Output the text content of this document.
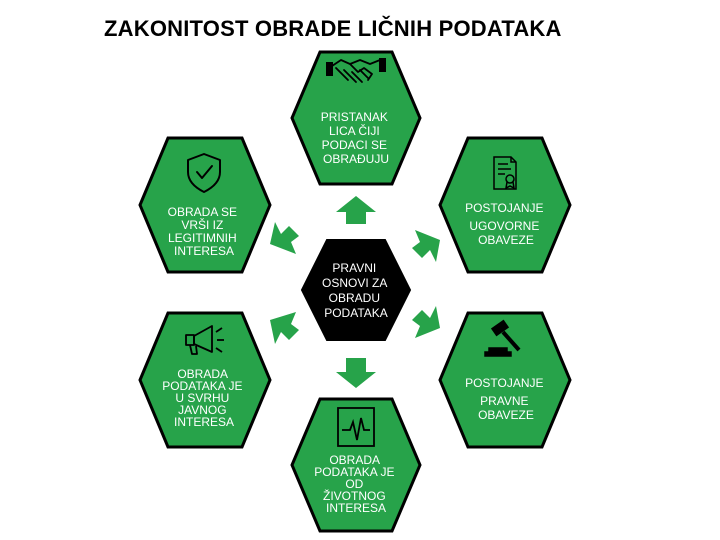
ZAKONITOST OBRADE LIČNIH PODATAKA
PRAVNI OSNOVI ZA OBRADU PODATAKA
PRISTANAK LICA ČIJI PODACI SE OBRAĐUJU
POSTOJANJE UGOVORNE OBAVEZE
POSTOJANJE PRAVNE OBAVEZE
OBRADA PODATAKA JE OD ŽIVOTNOG INTERESA
OBRADA PODATAKA JE U SVRHU JAVNOG INTERESA
OBRADA SE VRŠI IZ LEGITIMNIH INTERESA
